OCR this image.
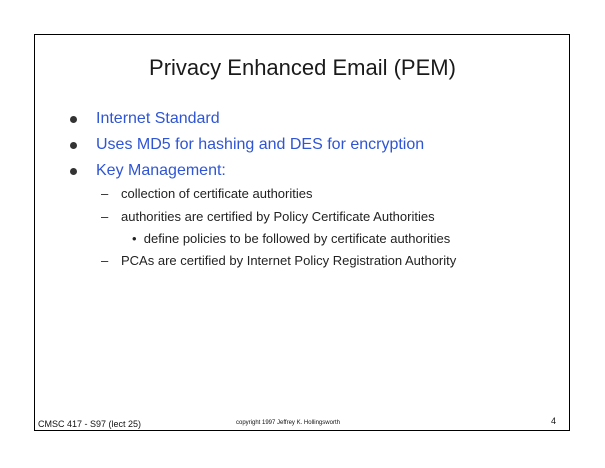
Privacy Enhanced Email (PEM)
Internet Standard
Uses MD5 for hashing and DES for encryption
Key Management:
– collection of certificate authorities
– authorities are certified by Policy Certificate Authorities
• define policies to be followed by certificate authorities
– PCAs are certified by Internet Policy Registration Authority
CMSC 417 - S97 (lect 25)	copyright 1997 Jeffrey K. Hollingsworth	4
